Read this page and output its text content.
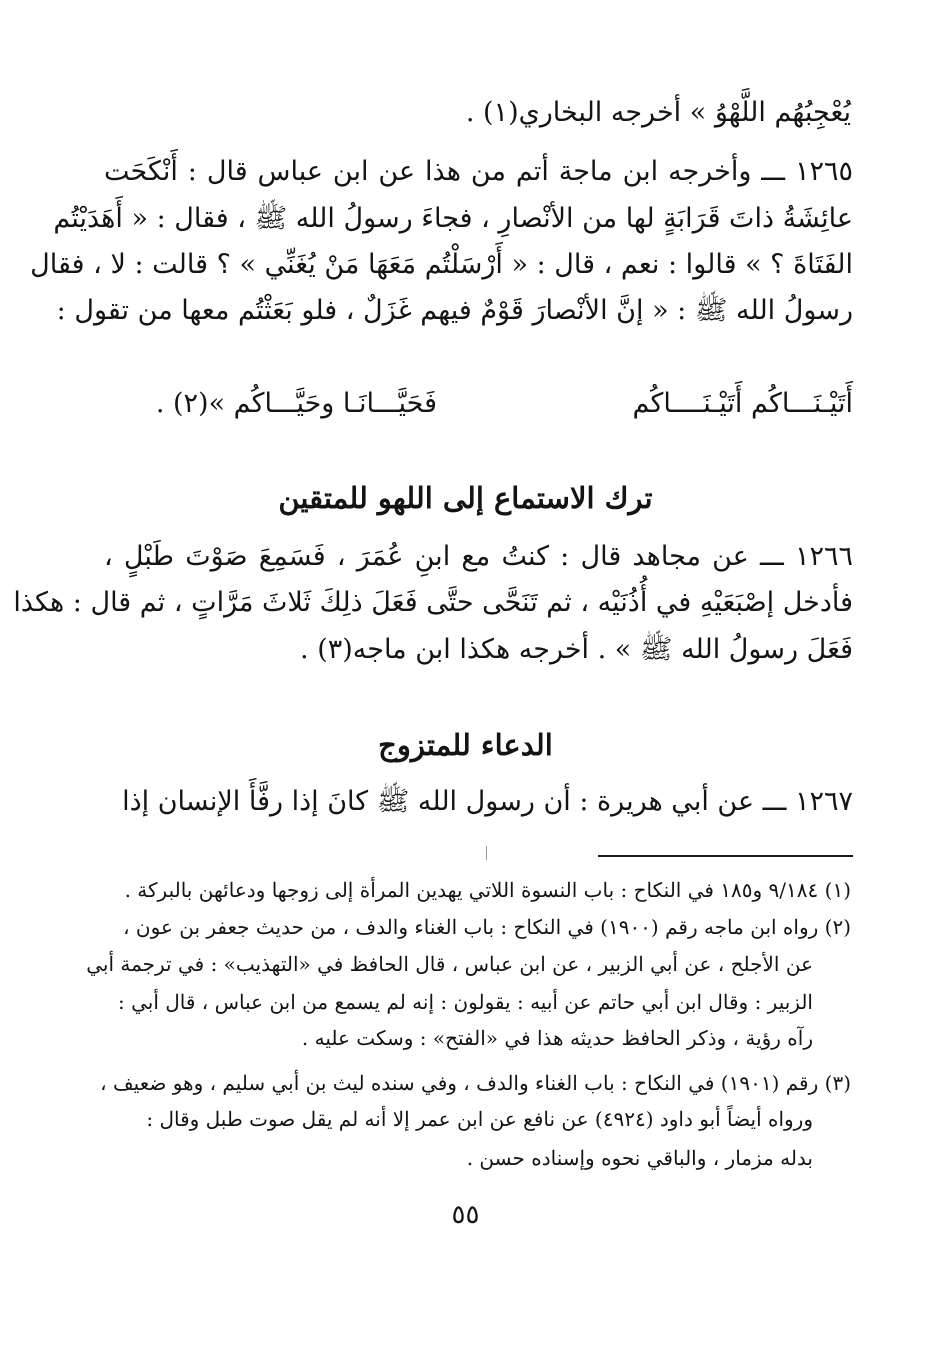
يُعْجِبُهُم اللَّهْوُ » أخرجه البخاري(١) .
١٢٦٥ ـــ وأخرجه ابن ماجة أتم من هذا عن ابن عباس قال : أَنْكَحَت
عائِشَةُ ذاتَ قَرَابَةٍ لها من الأنْصارِ ، فجاءَ رسولُ الله ﷺ ، فقال : « أَهَدَيْتُم
الفَتَاةَ ؟ » قالوا : نعم ، قال : « أَرْسَلْتُم مَعَهَا مَنْ يُغَنِّي » ؟ قالت : لا ، فقال
رسولُ الله ﷺ : « إنَّ الأنْصارَ قَوْمٌ فيهم غَزَلٌ ، فلو بَعَثْتُم معها من تقول :
أَتَيْـنَـــاكُم أَتَيْـنَــــاكُم
فَحَيَّـــانَـا وحَيَّـــاكُم »(٢) .
ترك الاستماع إلى اللهو للمتقين
١٢٦٦ ـــ عن مجاهد قال : كنتُ مع ابنِ عُمَرَ ، فَسَمِعَ صَوْتَ طَبْلٍ ،
فأدخل إصْبَعَيْهِ في أُذُنَيْه ، ثم تَنَحَّى حتَّى فَعَلَ ذلِكَ ثَلاثَ مَرَّاتٍ ، ثم قال : هكذا
فَعَلَ رسولُ الله ﷺ » . أخرجه هكذا ابن ماجه(٣) .
الدعاء للمتزوج
١٢٦٧ ـــ عن أبي هريرة : أن رسول الله ﷺ كانَ إذا رفَّأَ الإنسان إذا
(١) ٩/١٨٤ و١٨٥ في النكاح : باب النسوة اللاتي يهدين المرأة إلى زوجها ودعائهن بالبركة .
(٢) رواه ابن ماجه رقم (١٩٠٠) في النكاح : باب الغناء والدف ، من حديث جعفر بن عون ،
عن الأجلح ، عن أبي الزبير ، عن ابن عباس ، قال الحافظ في «التهذيب» : في ترجمة أبي
الزبير : وقال ابن أبي حاتم عن أبيه : يقولون : إنه لم يسمع من ابن عباس ، قال أبي :
رآه رؤية ، وذكر الحافظ حديثه هذا في «الفتح» : وسكت عليه .
(٣) رقم (١٩٠١) في النكاح : باب الغناء والدف ، وفي سنده ليث بن أبي سليم ، وهو ضعيف ،
ورواه أيضاً أبو داود (٤٩٢٤) عن نافع عن ابن عمر إلا أنه لم يقل صوت طبل وقال :
بدله مزمار ، والباقي نحوه وإسناده حسن .
٥٥
